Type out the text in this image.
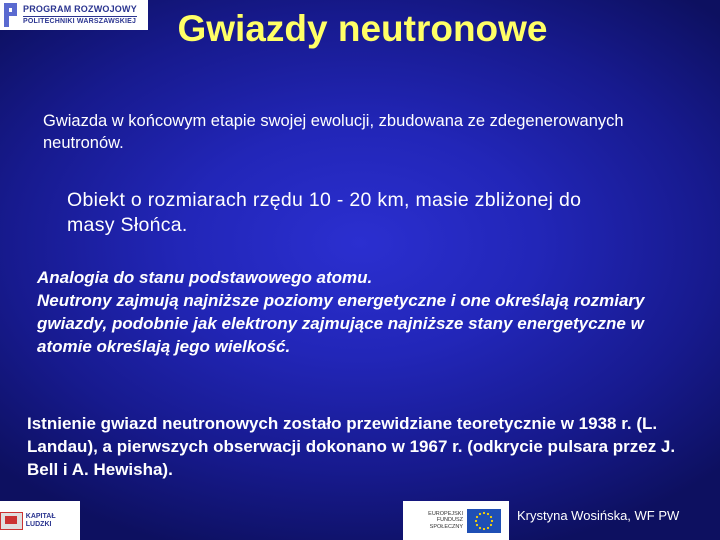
PROGRAM ROZWOJOWY
POLITECHNIKI WARSZAWSKIEJ	Gwiazdy neutronowe
Gwiazda w końcowym etapie swojej ewolucji, zbudowana ze zdegenerowanych neutronów.
Obiekt o rozmiarach rzędu 10 - 20 km, masie zbliżonej do masy Słońca.
Analogia do stanu podstawowego atomu.
Neutrony zajmują najniższe poziomy energetyczne i one określają rozmiary gwiazdy, podobnie jak elektrony zajmujące najniższe stany energetyczne w atomie określają jego wielkość.
Istnienie gwiazd neutronowych zostało przewidziane teoretycznie w 1938 r. (L. Landau), a pierwszych obserwacji dokonano w 1967 r. (odkrycie pulsara przez J. Bell i A. Hewisha).
KAPITAŁ LUDZKI
EUROPEJSKI FUNDUSZ SPOŁECZNY
Krystyna Wosińska, WF PW
